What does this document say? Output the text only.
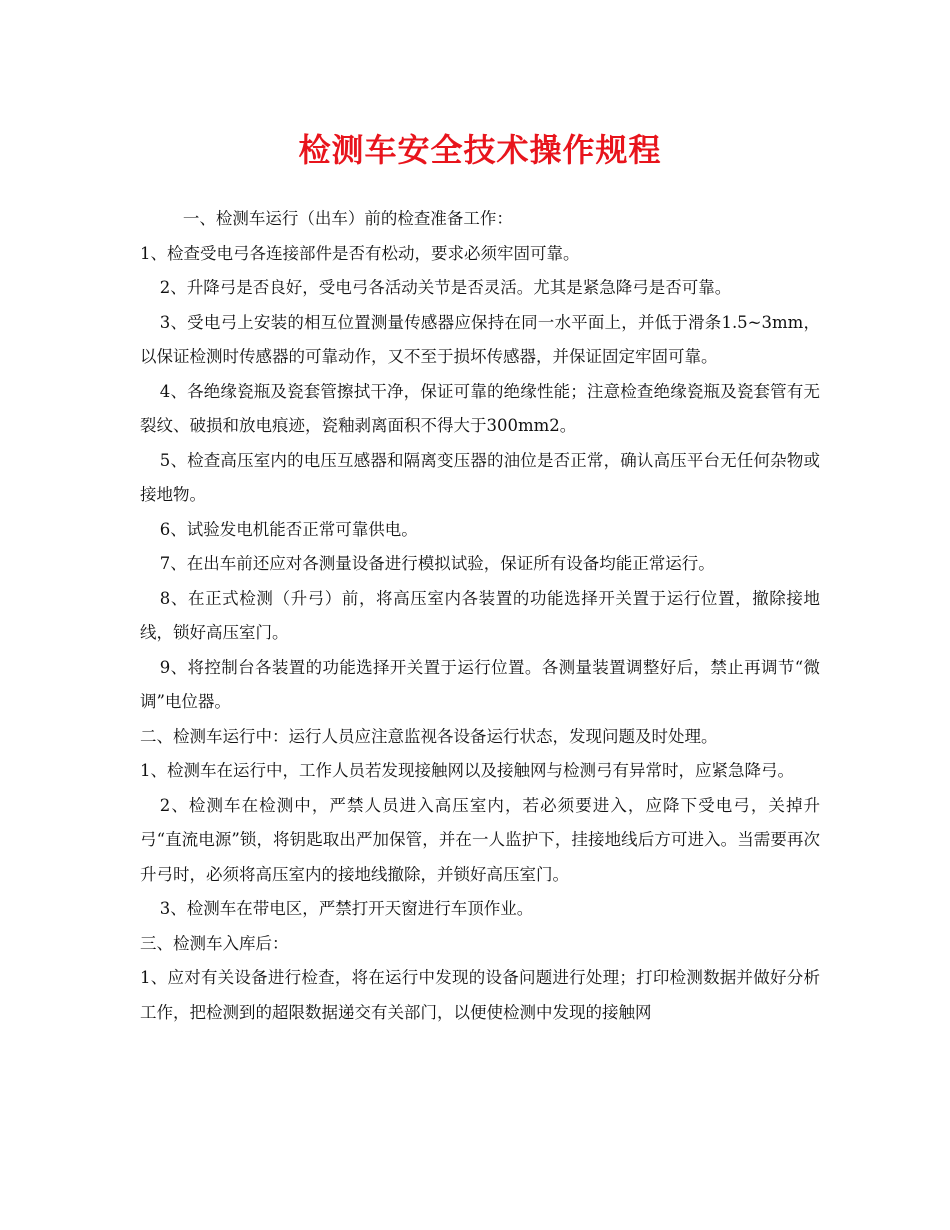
检测车安全技术操作规程

一、检测车运行（出车）前的检查准备工作：

1、检查受电弓各连接部件是否有松动，要求必须牢固可靠。

2、升降弓是否良好，受电弓各活动关节是否灵活。尤其是紧急降弓是否可靠。

3、受电弓上安装的相互位置测量传感器应保持在同一水平面上，并低于滑条1.5~3mm，以保证检测时传感器的可靠动作，又不至于损坏传感器，并保证固定牢固可靠。

4、各绝缘瓷瓶及瓷套管擦拭干净，保证可靠的绝缘性能；注意检查绝缘瓷瓶及瓷套管有无裂纹、破损和放电痕迹，瓷釉剥离面积不得大于300mm2。

5、检查高压室内的电压互感器和隔离变压器的油位是否正常，确认高压平台无任何杂物或接地物。

6、试验发电机能否正常可靠供电。

7、在出车前还应对各测量设备进行模拟试验，保证所有设备均能正常运行。

8、在正式检测（升弓）前，将高压室内各装置的功能选择开关置于运行位置，撤除接地线，锁好高压室门。

9、将控制台各装置的功能选择开关置于运行位置。各测量装置调整好后，禁止再调节“微调”电位器。

二、检测车运行中：运行人员应注意监视各设备运行状态，发现问题及时处理。

1、检测车在运行中，工作人员若发现接触网以及接触网与检测弓有异常时，应紧急降弓。

2、检测车在检测中，严禁人员进入高压室内，若必须要进入，应降下受电弓，关掉升弓“直流电源”锁，将钥匙取出严加保管，并在一人监护下，挂接地线后方可进入。当需要再次升弓时，必须将高压室内的接地线撤除，并锁好高压室门。

3、检测车在带电区，严禁打开天窗进行车顶作业。

三、检测车入库后：

1、应对有关设备进行检查，将在运行中发现的设备问题进行处理；打印检测数据并做好分析工作，把检测到的超限数据递交有关部门，以便使检测中发现的接触网
